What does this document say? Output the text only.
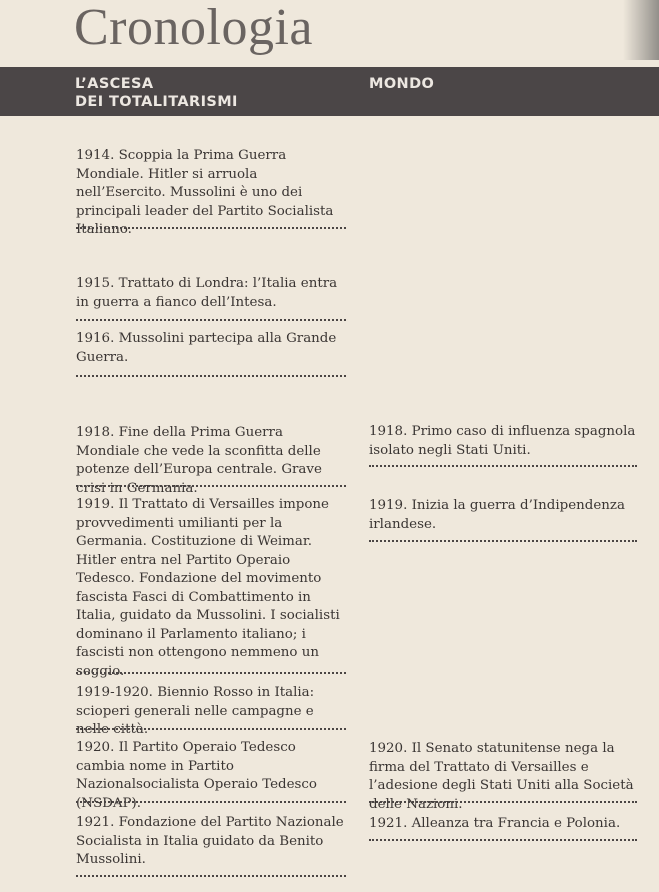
Cronologia
L’ASCESA
DEI TOTALITARISMI
MONDO

1914. Scoppia la Prima Guerra Mondiale. Hitler si arruola nell’Esercito. Mussolini è uno dei principali leader del Partito Socialista Italiano.

1915. Trattato di Londra: l’Italia entra in guerra a fianco dell’Intesa.

1916. Mussolini partecipa alla Grande Guerra.

1918. Fine della Prima Guerra Mondiale che vede la sconfitta delle potenze dell’Europa centrale. Grave crisi in Germania.

1919. Il Trattato di Versailles impone provvedimenti umilianti per la Germania. Costituzione di Weimar. Hitler entra nel Partito Operaio Tedesco. Fondazione del movimento fascista Fasci di Combattimento in Italia, guidato da Mussolini. I socialisti dominano il Parlamento italiano; i fascisti non ottengono nemmeno un seggio.

1919-1920. Biennio Rosso in Italia: scioperi generali nelle campagne e nelle città.

1920. Il Partito Operaio Tedesco cambia nome in Partito Nazionalsocialista Operaio Tedesco (NSDAP).

1921. Fondazione del Partito Nazionale Socialista in Italia guidato da Benito Mussolini.

1918. Primo caso di influenza spagnola isolato negli Stati Uniti.

1919. Inizia la guerra d’Indipendenza irlandese.

1920. Il Senato statunitense nega la firma del Trattato di Versailles e l’adesione degli Stati Uniti alla Società delle Nazioni.

1921. Alleanza tra Francia e Polonia.
